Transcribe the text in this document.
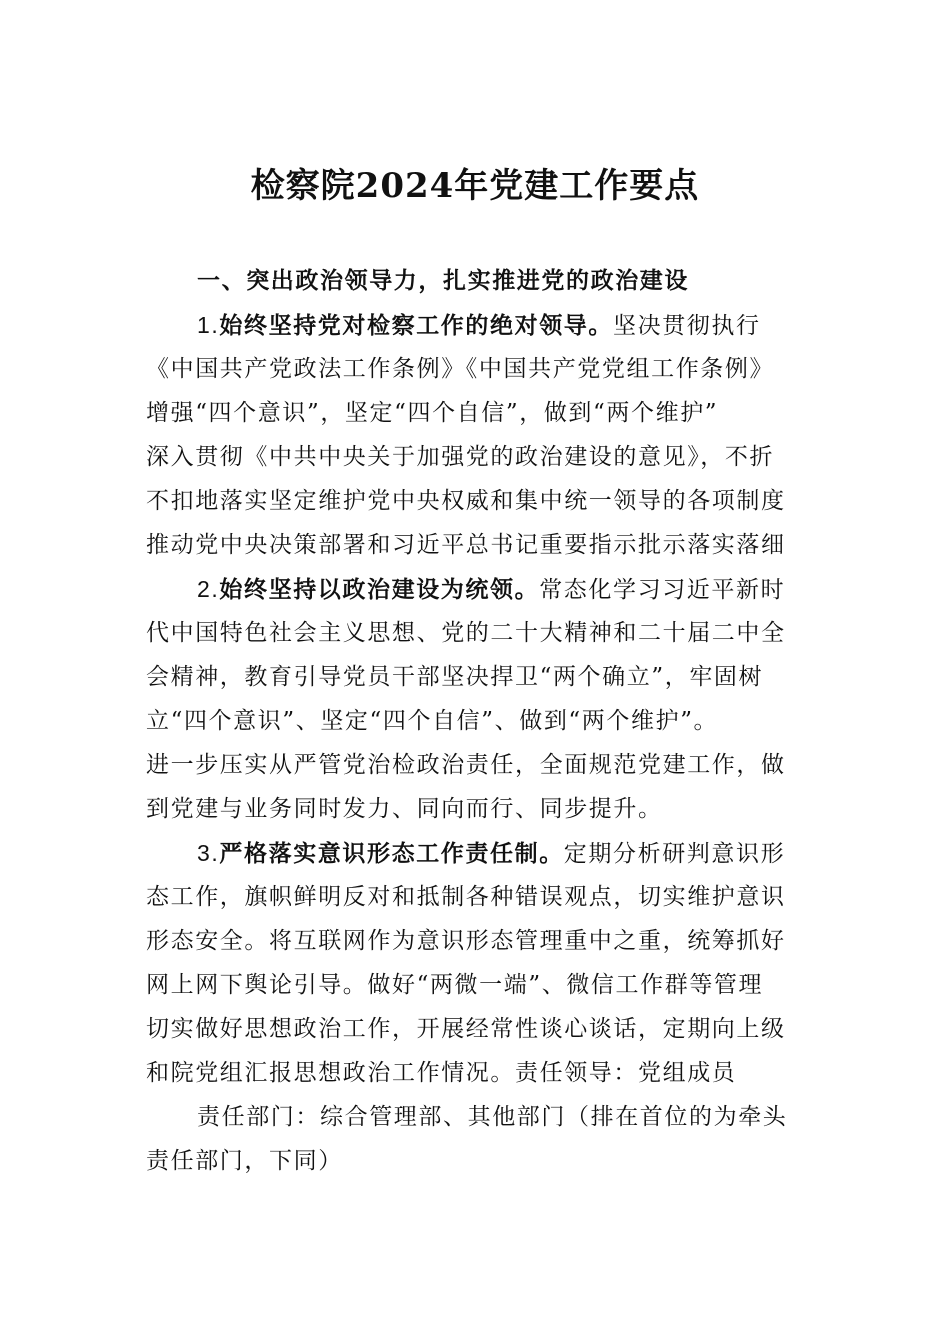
检察院2024年党建工作要点
一、突出政治领导力，扎实推进党的政治建设
1.始终坚持党对检察工作的绝对领导。坚决贯彻执行
《中国共产党政法工作条例》《中国共产党党组工作条例》
增强“四个意识”，坚定“四个自信”，做到“两个维护”
深入贯彻《中共中央关于加强党的政治建设的意见》，不折
不扣地落实坚定维护党中央权威和集中统一领导的各项制度
推动党中央决策部署和习近平总书记重要指示批示落实落细
2.始终坚持以政治建设为统领。常态化学习习近平新时
代中国特色社会主义思想、党的二十大精神和二十届二中全
会精神，教育引导党员干部坚决捍卫“两个确立”，牢固树
立“四个意识”、坚定“四个自信”、做到“两个维护”。
进一步压实从严管党治检政治责任，全面规范党建工作，做
到党建与业务同时发力、同向而行、同步提升。
3.严格落实意识形态工作责任制。定期分析研判意识形
态工作，旗帜鲜明反对和抵制各种错误观点，切实维护意识
形态安全。将互联网作为意识形态管理重中之重，统筹抓好
网上网下舆论引导。做好“两微一端”、微信工作群等管理
切实做好思想政治工作，开展经常性谈心谈话，定期向上级
和院党组汇报思想政治工作情况。责任领导：党组成员
责任部门：综合管理部、其他部门（排在首位的为牵头
责任部门，下同）
